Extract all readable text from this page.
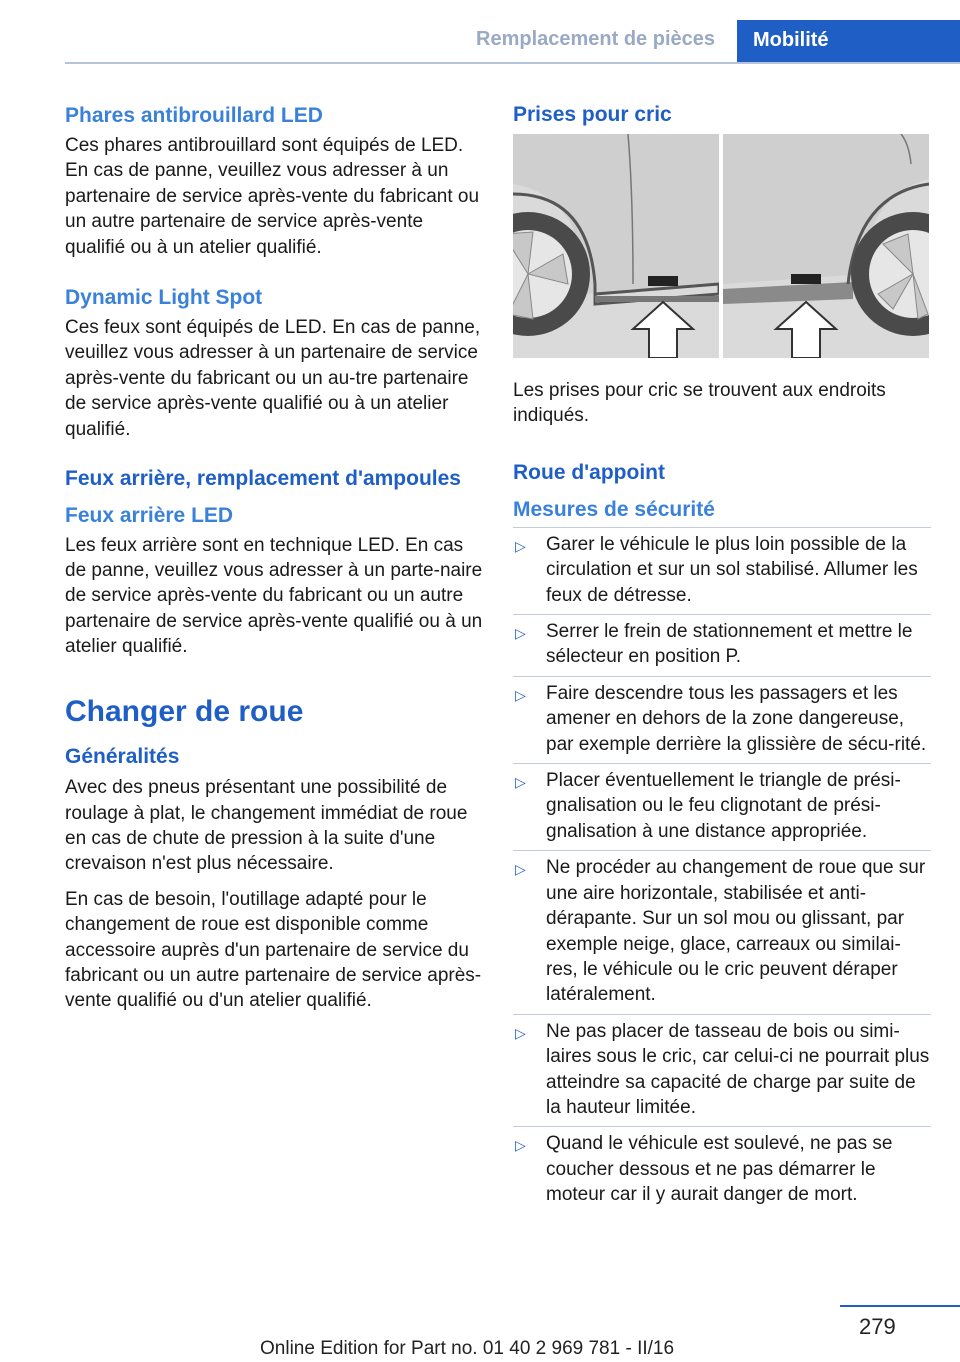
Remplacement de pièces Mobilité
Phares antibrouillard LED

Ces phares antibrouillard sont équipés de LED. En cas de panne, veuillez vous adresser à un partenaire de service après-vente du fabricant ou un autre partenaire de service après-vente qualifié ou à un atelier qualifié.

Dynamic Light Spot

Ces feux sont équipés de LED. En cas de panne, veuillez vous adresser à un partenaire de service après-vente du fabricant ou un au‐tre partenaire de service après-vente qualifié ou à un atelier qualifié.

Feux arrière, remplacement d'ampoules
Feux arrière LED

Les feux arrière sont en technique LED. En cas de panne, veuillez vous adresser à un parte‐naire de service après-vente du fabricant ou un autre partenaire de service après-vente qualifié ou à un atelier qualifié.

Changer de roue
Généralités

Avec des pneus présentant une possibilité de roulage à plat, le changement immédiat de roue en cas de chute de pression à la suite d'une crevaison n'est plus nécessaire.

En cas de besoin, l'outillage adapté pour le changement de roue est disponible comme accessoire auprès d'un partenaire de service du fabricant ou un autre partenaire de service après-vente qualifié ou d'un atelier qualifié.

Prises pour cric

Les prises pour cric se trouvent aux endroits indiqués.

Roue d'appoint
Mesures de sécurité
▷ Garer le véhicule le plus loin possible de la circulation et sur un sol stabilisé. Allumer les feux de détresse.
▷ Serrer le frein de stationnement et mettre le sélecteur en position P.
▷ Faire descendre tous les passagers et les amener en dehors de la zone dangereuse, par exemple derrière la glissière de sécu‐rité.
▷ Placer éventuellement le triangle de prési‐gnalisation ou le feu clignotant de prési‐gnalisation à une distance appropriée.
▷ Ne procéder au changement de roue que sur une aire horizontale, stabilisée et anti‐dérapante. Sur un sol mou ou glissant, par exemple neige, glace, carreaux ou similai‐res, le véhicule ou le cric peuvent déraper latéralement.
▷ Ne pas placer de tasseau de bois ou simi‐laires sous le cric, car celui-ci ne pourrait plus atteindre sa capacité de charge par suite de la hauteur limitée.
▷ Quand le véhicule est soulevé, ne pas se coucher dessous et ne pas démarrer le moteur car il y aurait danger de mort.
279
Online Edition for Part no. 01 40 2 969 781 - II/16
